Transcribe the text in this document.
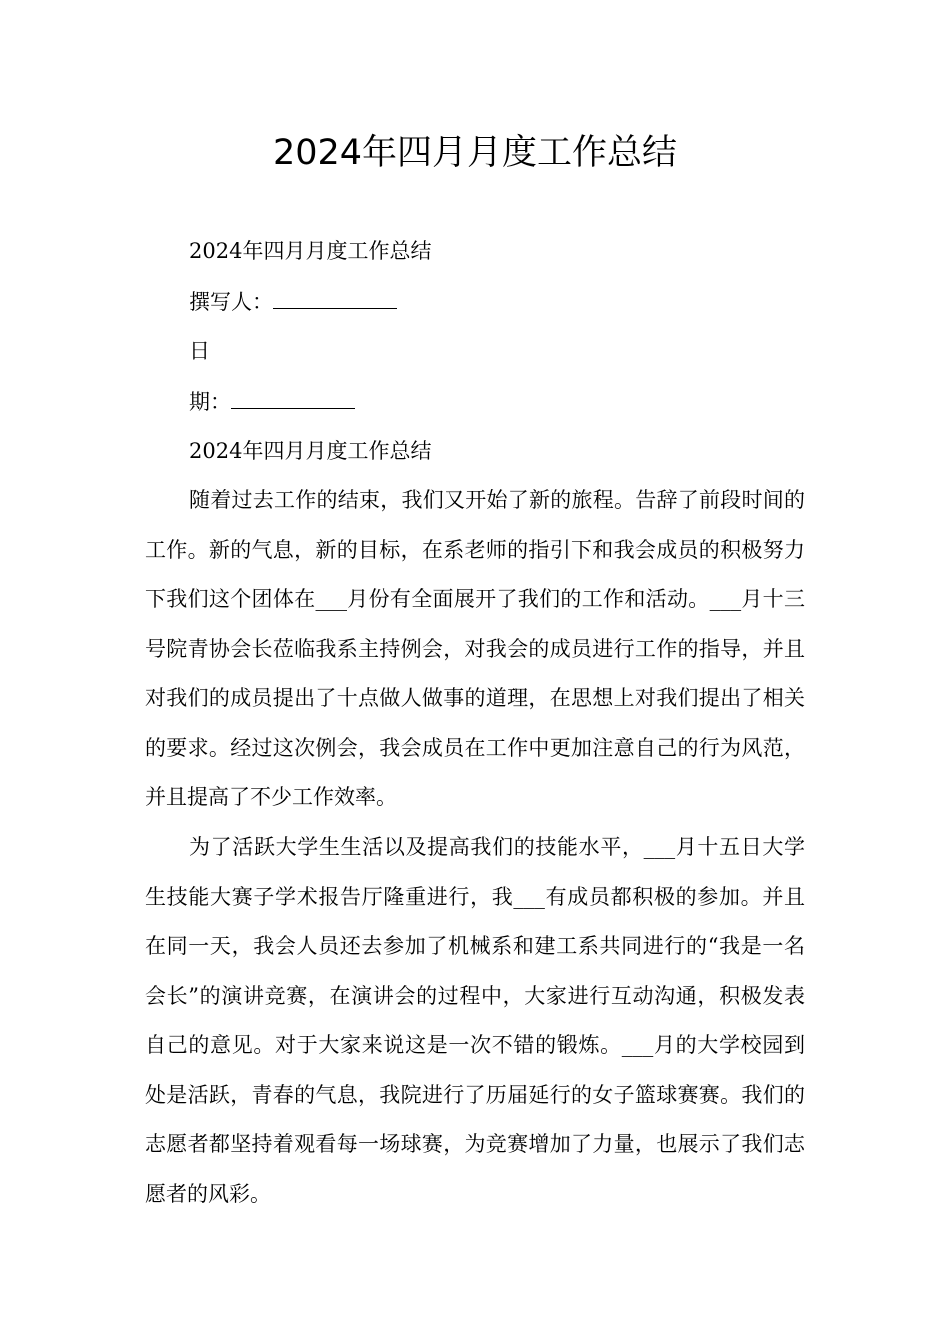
2024年四月月度工作总结

2024年四月月度工作总结

撰写人：

日

期：

2024年四月月度工作总结

随着过去工作的结束，我们又开始了新的旅程。告辞了前段时间的工作。新的气息，新的目标，在系老师的指引下和我会成员的积极努力下我们这个团体在___月份有全面展开了我们的工作和活动。___月十三号院青协会长莅临我系主持例会，对我会的成员进行工作的指导，并且对我们的成员提出了十点做人做事的道理，在思想上对我们提出了相关的要求。经过这次例会，我会成员在工作中更加注意自己的行为风范，并且提高了不少工作效率。

为了活跃大学生生活以及提高我们的技能水平，___月十五日大学生技能大赛子学术报告厅隆重进行，我___有成员都积极的参加。并且在同一天，我会人员还去参加了机械系和建工系共同进行的“我是一名会长”的演讲竞赛，在演讲会的过程中，大家进行互动沟通，积极发表自己的意见。对于大家来说这是一次不错的锻炼。___月的大学校园到处是活跃，青春的气息，我院进行了历届延行的女子篮球赛赛。我们的志愿者都坚持着观看每一场球赛，为竞赛增加了力量，也展示了我们志愿者的风彩。
